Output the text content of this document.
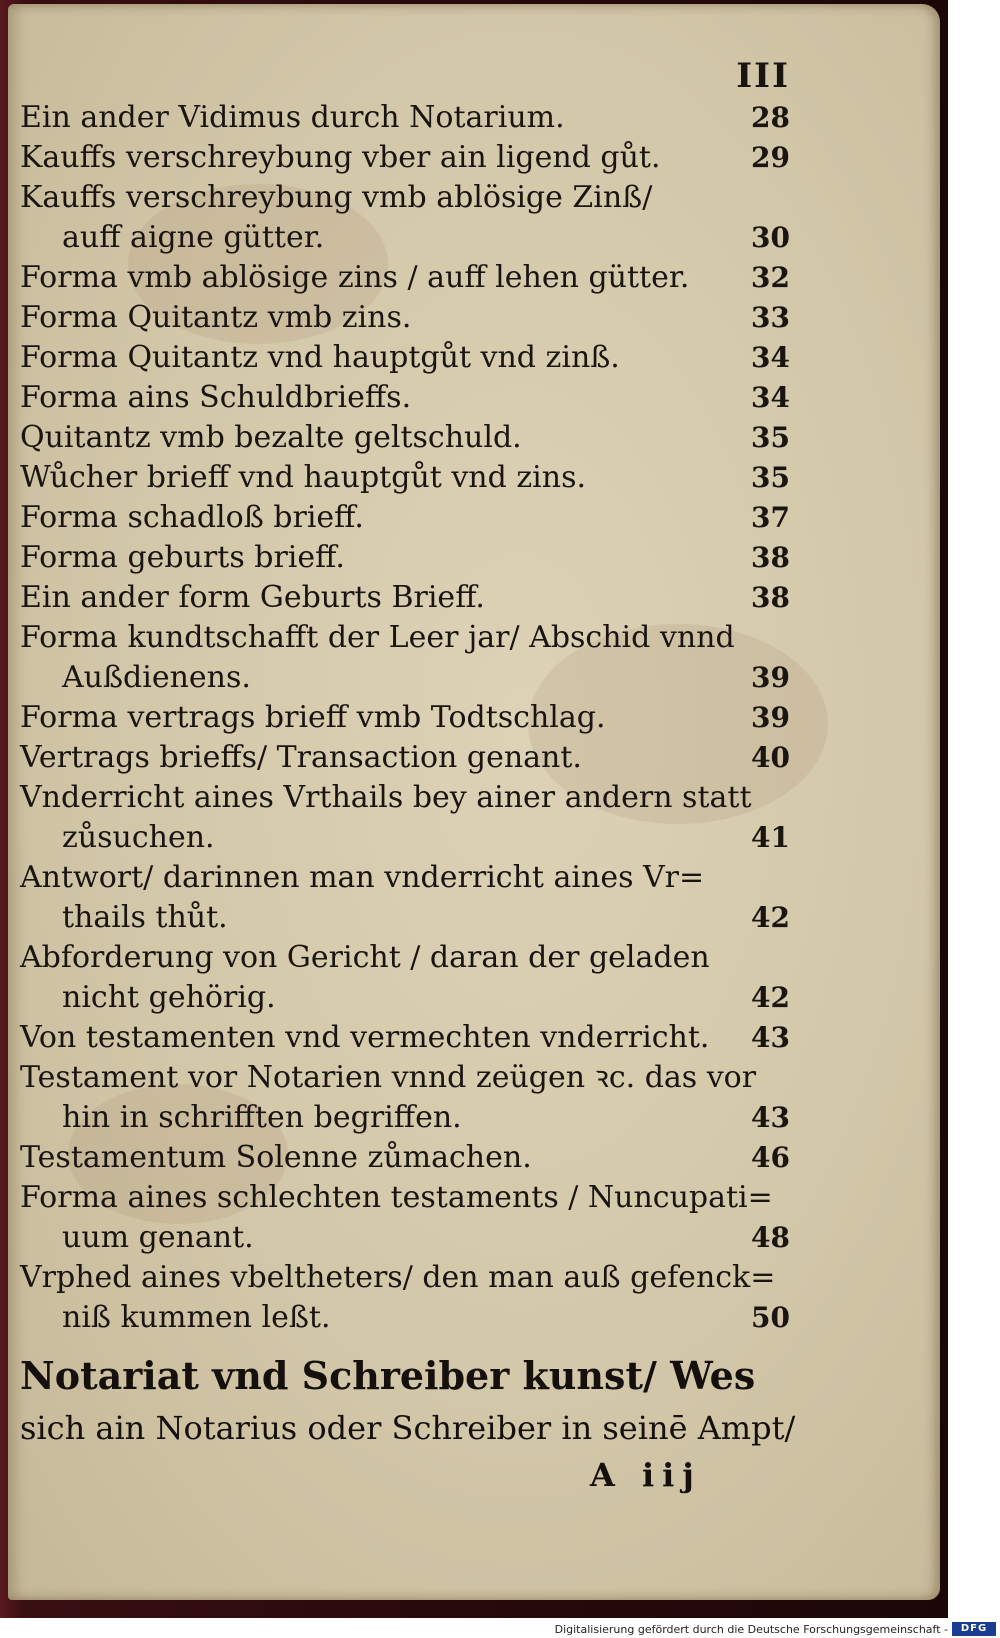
III
Ein ander Vidimus durch Notarium.	28
Kauffs verschreybung vber ain ligend gůt.	29
Kauffs verschreybung vmb ablösige Zinß/
auff aigne gütter.	30
Forma vmb ablösige zins / auff lehen gütter.	32
Forma Quitantz vmb zins.	33
Forma Quitantz vnd hauptgůt vnd zinß.	34
Forma ains Schuldbrieffs.	34
Quitantz vmb bezalte geltschuld.	35
Wůcher brieff vnd hauptgůt vnd zins.	35
Forma schadloß brieff.	37
Forma geburts brieff.	38
Ein ander form Geburts Brieff.	38
Forma kundtschafft der Leer jar/ Abschid vnnd
Außdienens.	39
Forma vertrags brieff vmb Todtschlag.	39
Vertrags brieffs/ Transaction genant.	40
Vnderricht aines Vrthails bey ainer andern statt
zůsuchen.	41
Antwort/ darinnen man vnderricht aines Vr=
thails thůt.	42
Abforderung von Gericht / daran der geladen
nicht gehörig.	42
Von testamenten vnd vermechten vnderricht.	43
Testament vor Notarien vnnd zeügen ꝛc. das vor
hin in schrifften begriffen.	43
Testamentum Solenne zůmachen.	46
Forma aines schlechten testaments / Nuncupati=
uum genant.	48
Vrphed aines vbeltheters/ den man auß gefenck=
niß kummen leßt.	50
Notariat vnd Schreiber kunst/ Wes
sich ain Notarius oder Schreiber in seinē Ampt/
A iij
Digitalisierung gefördert durch die Deutsche Forschungsgemeinschaft -	DFG
